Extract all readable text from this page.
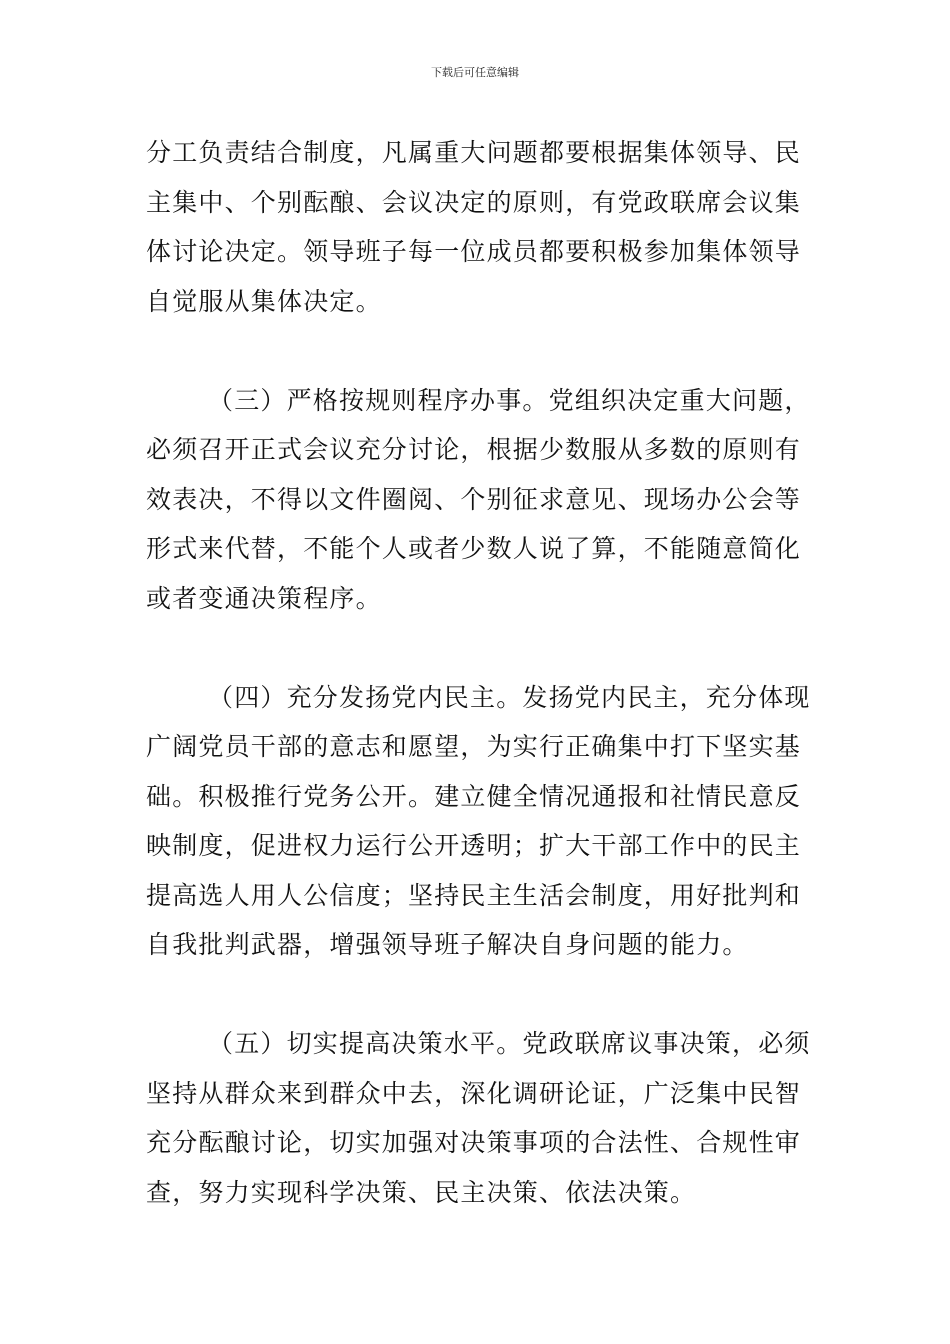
下载后可任意编辑
分工负责结合制度，凡属重大问题都要根据集体领导、民
主集中、个别酝酿、会议决定的原则，有党政联席会议集
体讨论决定。领导班子每一位成员都要积极参加集体领导
自觉服从集体决定。
（三）严格按规则程序办事。党组织决定重大问题，
必须召开正式会议充分讨论，根据少数服从多数的原则有
效表决，不得以文件圈阅、个别征求意见、现场办公会等
形式来代替，不能个人或者少数人说了算，不能随意简化
或者变通决策程序。
（四）充分发扬党内民主。发扬党内民主，充分体现
广阔党员干部的意志和愿望，为实行正确集中打下坚实基
础。积极推行党务公开。建立健全情况通报和社情民意反
映制度，促进权力运行公开透明；扩大干部工作中的民主
提高选人用人公信度；坚持民主生活会制度，用好批判和
自我批判武器，增强领导班子解决自身问题的能力。
（五）切实提高决策水平。党政联席议事决策，必须
坚持从群众来到群众中去，深化调研论证，广泛集中民智
充分酝酿讨论，切实加强对决策事项的合法性、合规性审
查，努力实现科学决策、民主决策、依法决策。
